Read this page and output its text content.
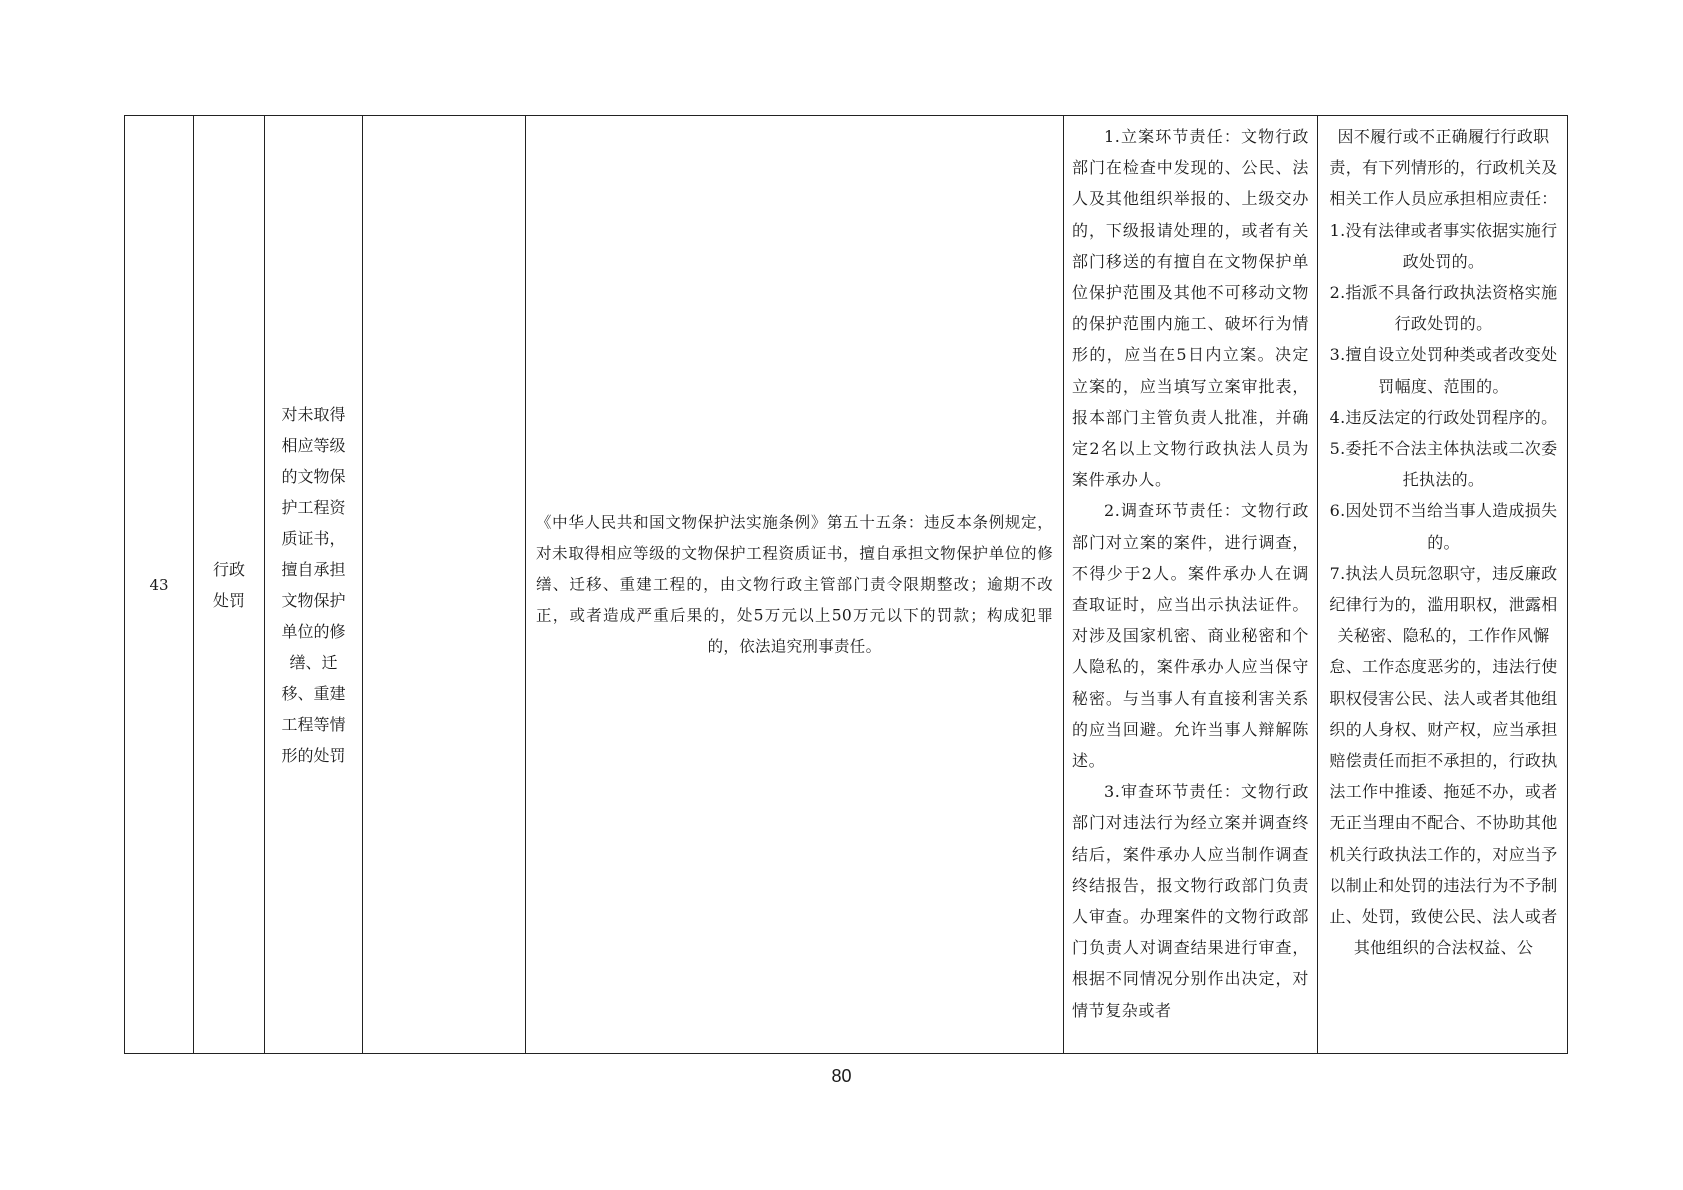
43
行政处罚
对未取得相应等级的文物保护工程资质证书，擅自承担文物保护单位的修缮、迁移、重建工程等情形的处罚
《中华人民共和国文物保护法实施条例》第五十五条：违反本条例规定，对未取得相应等级的文物保护工程资质证书，擅自承担文物保护单位的修缮、迁移、重建工程的，由文物行政主管部门责令限期整改；逾期不改正，或者造成严重后果的，处5万元以上50万元以下的罚款；构成犯罪的，依法追究刑事责任。

1.立案环节责任：文物行政部门在检查中发现的、公民、法人及其他组织举报的、上级交办的，下级报请处理的，或者有关部门移送的有擅自在文物保护单位保护范围及其他不可移动文物的保护范围内施工、破坏行为情形的，应当在5日内立案。决定立案的，应当填写立案审批表，报本部门主管负责人批准，并确定2名以上文物行政执法人员为案件承办人。

2.调查环节责任：文物行政部门对立案的案件，进行调查，不得少于2人。案件承办人在调查取证时，应当出示执法证件。对涉及国家机密、商业秘密和个人隐私的，案件承办人应当保守秘密。与当事人有直接利害关系的应当回避。允许当事人辩解陈述。

3.审查环节责任：文物行政部门对违法行为经立案并调查终结后，案件承办人应当制作调查终结报告，报文物行政部门负责人审查。办理案件的文物行政部门负责人对调查结果进行审查，根据不同情况分别作出决定，对情节复杂或者

因不履行或不正确履行行政职责，有下列情形的，行政机关及相关工作人员应承担相应责任：

1.没有法律或者事实依据实施行政处罚的。

2.指派不具备行政执法资格实施行政处罚的。

3.擅自设立处罚种类或者改变处罚幅度、范围的。

4.违反法定的行政处罚程序的。

5.委托不合法主体执法或二次委托执法的。

6.因处罚不当给当事人造成损失的。

7.执法人员玩忽职守，违反廉政纪律行为的，滥用职权，泄露相关秘密、隐私的，工作作风懈怠、工作态度恶劣的，违法行使职权侵害公民、法人或者其他组织的人身权、财产权，应当承担赔偿责任而拒不承担的，行政执法工作中推诿、拖延不办，或者无正当理由不配合、不协助其他机关行政执法工作的，对应当予以制止和处罚的违法行为不予制止、处罚，致使公民、法人或者其他组织的合法权益、公

80
